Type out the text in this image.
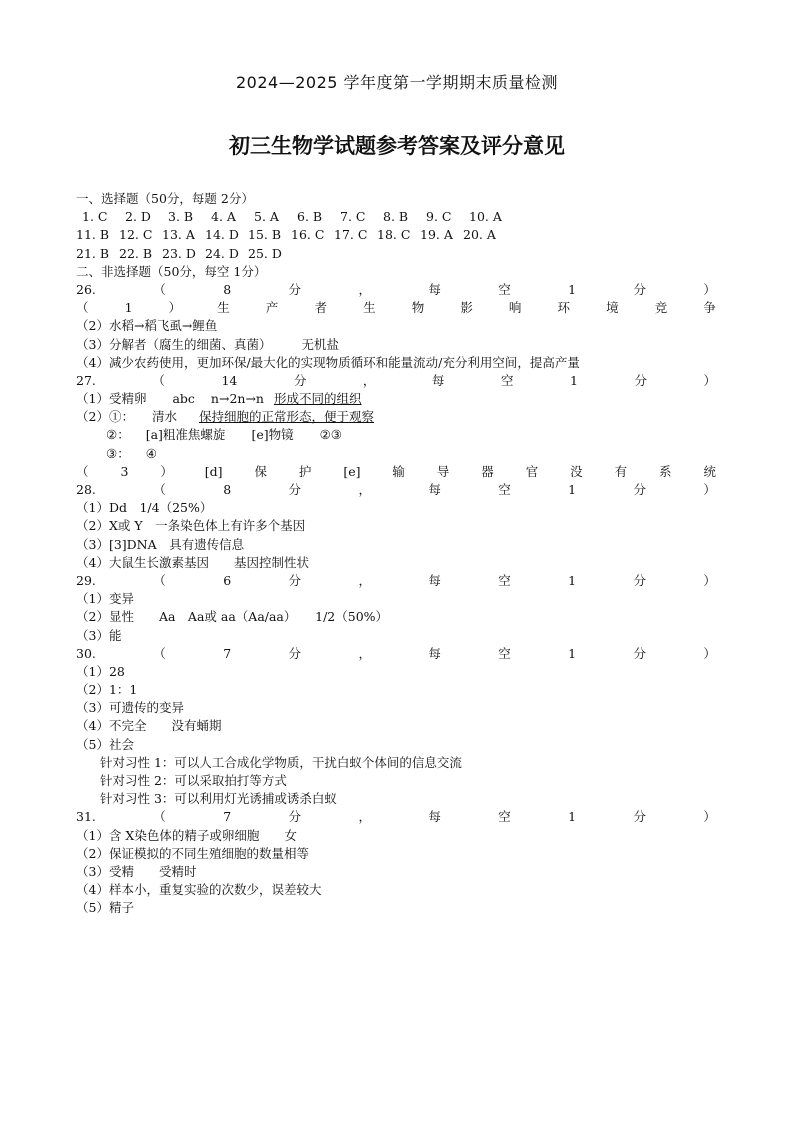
2024—2025 学年度第一学期期末质量检测
初三生物学试题参考答案及评分意见
一、选择题（50分，每题 2分）
1. C	2. D	3. B	4. A	5. A	6. B	7. C	8. B	9. C	10. A
11. B 12. C 13. A 14. D 15. B 16. C 17. C 18. C 19. A 20. A
21. B 22. B 23. D 24. D 25. D
二、非选择题（50分，每空 1分）
26.	（	8	分	，	每	空	1	分	）
（	1	）	生	产	者	生	物	影	响	环	境	竞	争
（2）水稻→稻飞虱→鲤鱼
（3）分解者（腐生的细菌、真菌） 无机盐
（4）减少农药使用，更加环保/最大化的实现物质循环和能量流动/充分利用空间，提高产量
27.	（	14	分	，	每	空	1	分	）
（1）受精卵 abc n→2n→n 形成不同的组织
（2）①： 清水 保持细胞的正常形态，便于观察
②： [a]粗准焦螺旋 [e]物镜 ②③
③： ④
（	3	）	[d]	保	护	[e]	输	导	器	官	没	有	系	统
28.	（	8	分	，	每	空	1	分	）
（1）Dd　1/4（25%）
（2）X或 Y　一条染色体上有许多个基因
（3）[3]DNA　具有遗传信息
（4）大鼠生长激素基因　　基因控制性状
29.	（	6	分	，	每	空	1	分	）
（1）变异
（2）显性　　Aa　Aa或 aa（Aa/aa）　　1/2（50%）
（3）能
30.	（	7	分	，	每	空	1	分	）
（1）28
（2）1：1
（3）可遗传的变异
（4）不完全　　没有蛹期
（5）社会
针对习性 1：可以人工合成化学物质，干扰白蚁个体间的信息交流
针对习性 2：可以采取拍打等方式
针对习性 3：可以利用灯光诱捕或诱杀白蚁
31.	（	7	分	，	每	空	1	分	）
（1）含 X染色体的精子或卵细胞　　女
（2）保证模拟的不同生殖细胞的数量相等
（3）受精　　受精时
（4）样本小，重复实验的次数少，误差较大
（5）精子
